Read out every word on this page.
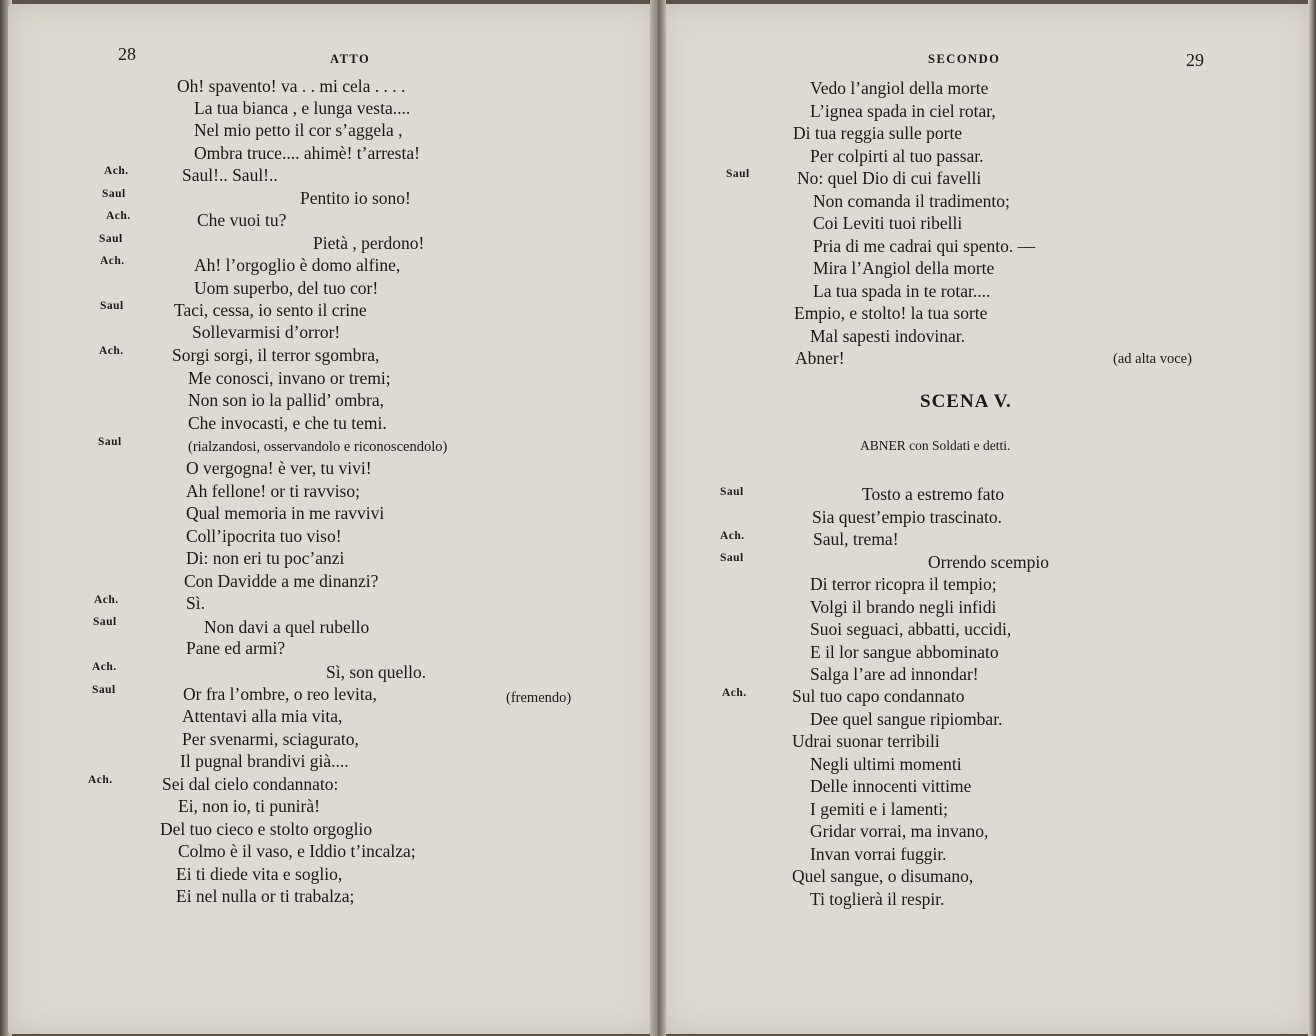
28	ATTO
Oh! spavento! va . . mi cela . . . .
La tua bianca , e lunga vesta....
Nel mio petto il cor s’aggela ,
Ombra truce.... ahimè! t’arresta!
Ach.	Saul!.. Saul!..
Saul	Pentito io sono!
Ach.	Che vuoi tu?
Saul	Pietà , perdono!
Ach.	Ah! l’orgoglio è domo alfine,
Uom superbo, del tuo cor!
Saul	Taci, cessa, io sento il crine
Sollevarmisi d’orror!
Ach.	Sorgi sorgi, il terror sgombra,
Me conosci, invano or tremi;
Non son io la pallid’ ombra,
Che invocasti, e che tu temi.
Saul	(rialzandosi, osservandolo e riconoscendolo)
O vergogna! è ver, tu vivi!
Ah fellone! or ti ravviso;
Qual memoria in me ravvivi
Coll’ipocrita tuo viso!
Di: non eri tu poc’anzi
Con Davidde a me dinanzi?
Ach.	Sì.
Saul	Non davi a quel rubello
Pane ed armi?
Ach.	Sì, son quello.
Saul	Or fra l’ombre, o reo levita,	(fremendo)
Attentavi alla mia vita,
Per svenarmi, sciagurato,
Il pugnal brandivi già....
Ach.	Sei dal cielo condannato:
Ei, non io, ti punirà!
Del tuo cieco e stolto orgoglio
Colmo è il vaso, e Iddio t’incalza;
Ei ti diede vita e soglio,
Ei nel nulla or ti trabalza;
SECONDO	29
Vedo l’angiol della morte
L’ignea spada in ciel rotar,
Di tua reggia sulle porte
Per colpirti al tuo passar.
Saul	No: quel Dio di cui favelli
Non comanda il tradimento;
Coi Leviti tuoi ribelli
Pria di me cadrai qui spento. —
Mira l’Angiol della morte
La tua spada in te rotar....
Empio, e stolto! la tua sorte
Mal sapesti indovinar.
Abner!	(ad alta voce)
SCENA V.
ABNER con Soldati e detti.
Saul	Tosto a estremo fato
Sia quest’empio trascinato.
Ach.	Saul, trema!
Saul	Orrendo scempio
Di terror ricopra il tempio;
Volgi il brando negli infidi
Suoi seguaci, abbatti, uccidi,
E il lor sangue abbominato
Salga l’are ad innondar!
Ach.	Sul tuo capo condannato
Dee quel sangue ripiombar.
Udrai suonar terribili
Negli ultimi momenti
Delle innocenti vittime
I gemiti e i lamenti;
Gridar vorrai, ma invano,
Invan vorrai fuggir.
Quel sangue, o disumano,
Ti toglierà il respir.
